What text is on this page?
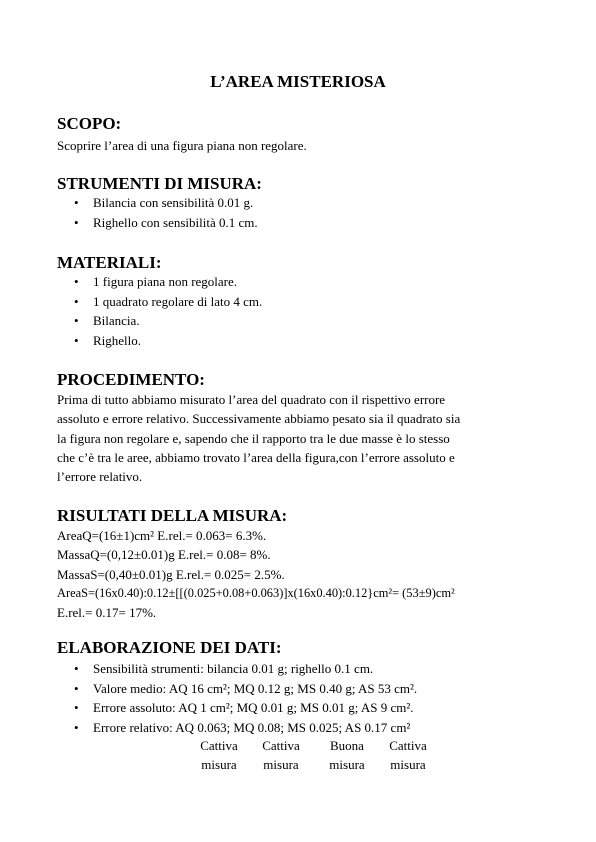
L’AREA MISTERIOSA
SCOPO:
Scoprire l’area di una figura piana non regolare.
STRUMENTI DI MISURA:
• Bilancia con sensibilità 0.01 g.
• Righello con sensibilità 0.1 cm.
MATERIALI:
• 1 figura piana non regolare.
• 1 quadrato regolare di lato 4 cm.
• Bilancia.
• Righello.
PROCEDIMENTO:
Prima di tutto abbiamo misurato l’area del quadrato con il rispettivo errore
assoluto e errore relativo. Successivamente abbiamo pesato sia il quadrato sia
la figura non regolare e, sapendo che il rapporto tra le due masse è lo stesso
che c’è tra le aree, abbiamo trovato l’area della figura,con l’errore assoluto e
l’errore relativo.
RISULTATI DELLA MISURA:
AreaQ=(16±1)cm² E.rel.= 0.063= 6.3%.
MassaQ=(0,12±0.01)g E.rel.= 0.08= 8%.
MassaS=(0,40±0.01)g E.rel.= 0.025= 2.5%.
AreaS=(16x0.40):0.12±[[(0.025+0.08+0.063)]x(16x0.40):0.12}cm²= (53±9)cm²
E.rel.= 0.17= 17%.
ELABORAZIONE DEI DATI:
• Sensibilità strumenti: bilancia 0.01 g; righello 0.1 cm.
• Valore medio: AQ 16 cm²; MQ 0.12 g; MS 0.40 g; AS 53 cm².
• Errore assoluto: AQ 1 cm²; MQ 0.01 g; MS 0.01 g; AS 9 cm².
• Errore relativo: AQ 0.063; MQ 0.08; MS 0.025; AS 0.17 cm²
Cattiva
misura
Cattiva
misura
Buona
misura
Cattiva
misura
